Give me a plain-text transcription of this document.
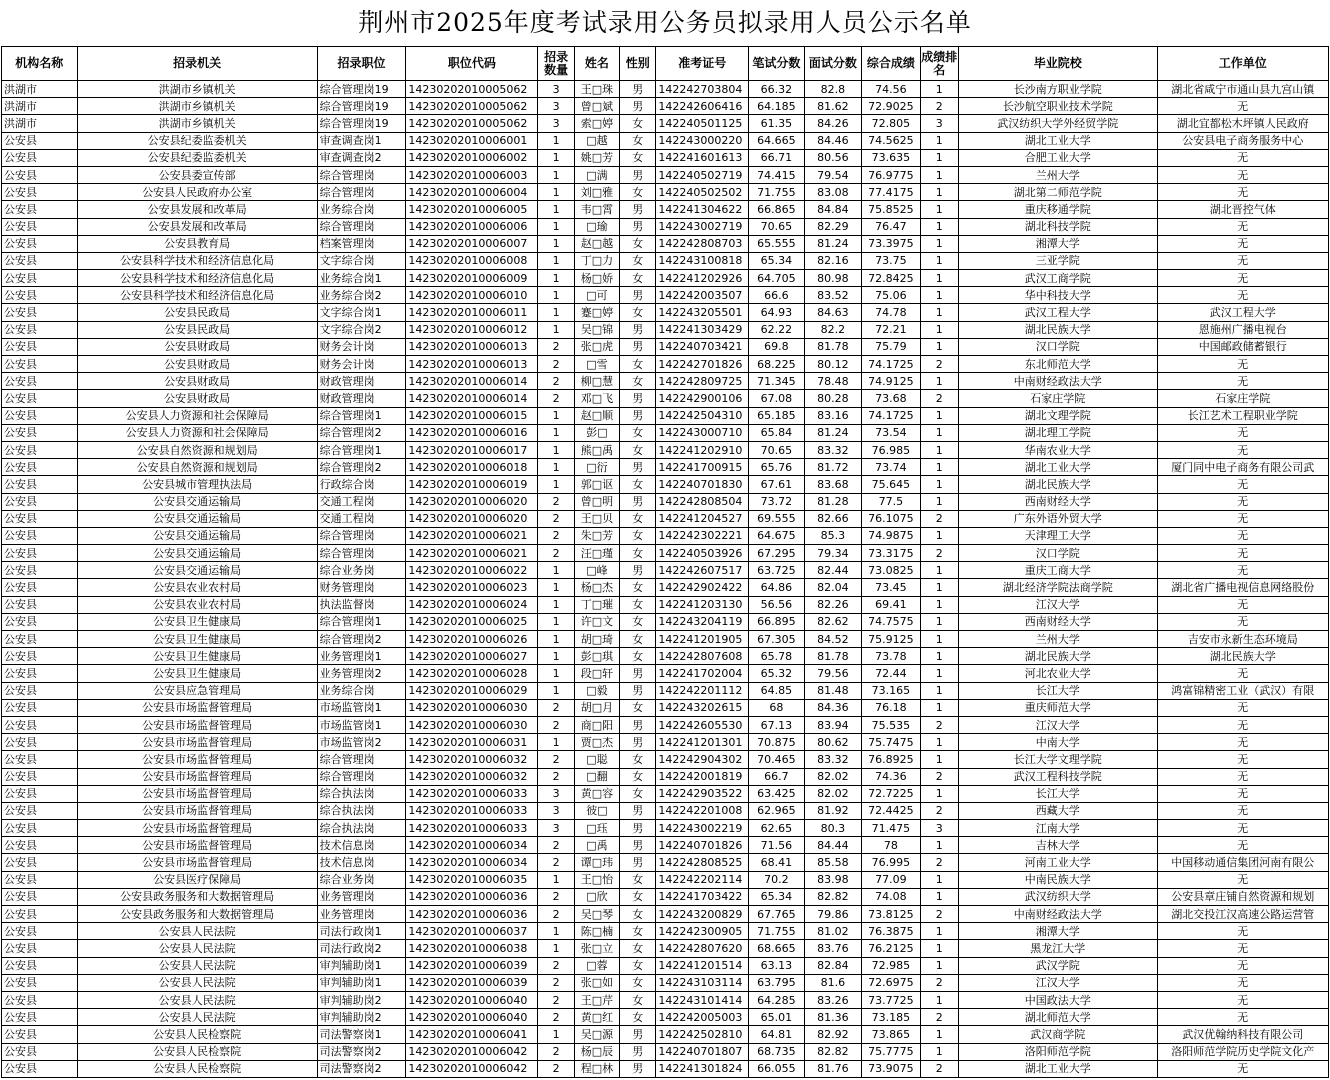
荆州市2025年度考试录用公务员拟录用人员公示名单
机构名称	招录机关	招录职位	职位代码	招录数量	姓名	性别	准考证号	笔试分数	面试分数	综合成绩	成绩排名	毕业院校	工作单位
洪湖市	洪湖市乡镇机关	综合管理岗19	14230202010005062	3	王□珠	男	142242703804	66.32	82.8	74.56	1	长沙南方职业学院	湖北省咸宁市通山县九宫山镇
洪湖市	洪湖市乡镇机关	综合管理岗19	14230202010005062	3	曾□斌	男	142242606416	64.185	81.62	72.9025	2	长沙航空职业技术学院	无
洪湖市	洪湖市乡镇机关	综合管理岗19	14230202010005062	3	索□婷	女	142240501125	61.35	84.26	72.805	3	武汉纺织大学外经贸学院	湖北宜都松木坪镇人民政府
公安县	公安县纪委监委机关	审查调查岗1	14230202010006001	1	□越	女	142243000220	64.665	84.46	74.5625	1	湖北工业大学	公安县电子商务服务中心
公安县	公安县纪委监委机关	审查调查岗2	14230202010006002	1	姚□芳	女	142241601613	66.71	80.56	73.635	1	合肥工业大学	无
公安县	公安县委宣传部	综合管理岗	14230202010006003	1	□满	男	142240502719	74.415	79.54	76.9775	1	兰州大学	无
公安县	公安县人民政府办公室	综合管理岗	14230202010006004	1	刘□雅	女	142240502502	71.755	83.08	77.4175	1	湖北第二师范学院	无
公安县	公安县发展和改革局	业务综合岗	14230202010006005	1	韦□霄	男	142241304622	66.865	84.84	75.8525	1	重庆移通学院	湖北晋控气体
公安县	公安县发展和改革局	综合管理岗	14230202010006006	1	□瑜	男	142243002719	70.65	82.29	76.47	1	湖北科技学院	无
公安县	公安县教育局	档案管理岗	14230202010006007	1	赵□越	女	142242808703	65.555	81.24	73.3975	1	湘潭大学	无
公安县	公安县科学技术和经济信息化局	文字综合岗	14230202010006008	1	丁□力	女	142243100818	65.34	82.16	73.75	1	三亚学院	无
公安县	公安县科学技术和经济信息化局	业务综合岗1	14230202010006009	1	杨□娇	女	142241202926	64.705	80.98	72.8425	1	武汉工商学院	无
公安县	公安县科学技术和经济信息化局	业务综合岗2	14230202010006010	1	□可	男	142242003507	66.6	83.52	75.06	1	华中科技大学	无
公安县	公安县民政局	文字综合岗1	14230202010006011	1	蹇□婷	女	142243205501	64.93	84.63	74.78	1	武汉工程大学	武汉工程大学
公安县	公安县民政局	文字综合岗2	14230202010006012	1	吴□锦	男	142241303429	62.22	82.2	72.21	1	湖北民族大学	恩施州广播电视台
公安县	公安县财政局	财务会计岗	14230202010006013	2	张□虎	男	142240703421	69.8	81.78	75.79	1	汉口学院	中国邮政储蓄银行
公安县	公安县财政局	财务会计岗	14230202010006013	2	□雪	女	142242701826	68.225	80.12	74.1725	2	东北师范大学	无
公安县	公安县财政局	财政管理岗	14230202010006014	2	柳□慧	女	142242809725	71.345	78.48	74.9125	1	中南财经政法大学	无
公安县	公安县财政局	财政管理岗	14230202010006014	2	邓□飞	男	142242900106	67.08	80.28	73.68	2	石家庄学院	石家庄学院
公安县	公安县人力资源和社会保障局	综合管理岗1	14230202010006015	1	赵□顺	男	142242504310	65.185	83.16	74.1725	1	湖北文理学院	长江艺术工程职业学院
公安县	公安县人力资源和社会保障局	综合管理岗2	14230202010006016	1	彭□	女	142243000710	65.84	81.24	73.54	1	湖北理工学院	无
公安县	公安县自然资源和规划局	综合管理岗1	14230202010006017	1	熊□禹	女	142241202910	70.65	83.32	76.985	1	华南农业大学	无
公安县	公安县自然资源和规划局	综合管理岗2	14230202010006018	1	□衍	男	142241700915	65.76	81.72	73.74	1	湖北工业大学	厦门同中电子商务有限公司武
公安县	公安县城市管理执法局	行政综合岗	14230202010006019	1	郭□讴	女	142240701830	67.61	83.68	75.645	1	湖北民族大学	无
公安县	公安县交通运输局	交通工程岗	14230202010006020	2	曾□明	男	142242808504	73.72	81.28	77.5	1	西南财经大学	无
公安县	公安县交通运输局	交通工程岗	14230202010006020	2	王□贝	女	142241204527	69.555	82.66	76.1075	2	广东外语外贸大学	无
公安县	公安县交通运输局	综合管理岗	14230202010006021	2	朱□芳	女	142242302221	64.675	85.3	74.9875	1	天津理工大学	无
公安县	公安县交通运输局	综合管理岗	14230202010006021	2	汪□瑾	女	142240503926	67.295	79.34	73.3175	2	汉口学院	无
公安县	公安县交通运输局	综合业务岗	14230202010006022	1	□峰	男	142242607517	63.725	82.44	73.0825	1	重庆工商大学	无
公安县	公安县农业农村局	财务管理岗	14230202010006023	1	杨□杰	女	142242902422	64.86	82.04	73.45	1	湖北经济学院法商学院	湖北省广播电视信息网络股份
公安县	公安县农业农村局	执法监督岗	14230202010006024	1	丁□璀	女	142241203130	56.56	82.26	69.41	1	江汉大学	无
公安县	公安县卫生健康局	综合管理岗1	14230202010006025	1	许□文	女	142243204119	66.895	82.62	74.7575	1	西南财经大学	无
公安县	公安县卫生健康局	综合管理岗2	14230202010006026	1	胡□琦	女	142241201905	67.305	84.52	75.9125	1	兰州大学	吉安市永新生态环境局
公安县	公安县卫生健康局	业务管理岗1	14230202010006027	1	彭□琪	女	142242807608	65.78	81.78	73.78	1	湖北民族大学	湖北民族大学
公安县	公安县卫生健康局	业务管理岗2	14230202010006028	1	段□轩	男	142241702004	65.32	79.56	72.44	1	河北农业大学	无
公安县	公安县应急管理局	业务综合岗	14230202010006029	1	□毅	男	142242201112	64.85	81.48	73.165	1	长江大学	鸿富锦精密工业（武汉）有限
公安县	公安县市场监督管理局	市场监管岗1	14230202010006030	2	胡□月	女	142243202615	68	84.36	76.18	1	重庆师范大学	无
公安县	公安县市场监督管理局	市场监管岗1	14230202010006030	2	商□阳	男	142242605530	67.13	83.94	75.535	2	江汉大学	无
公安县	公安县市场监督管理局	市场监管岗2	14230202010006031	1	贾□杰	男	142241201301	70.875	80.62	75.7475	1	中南大学	无
公安县	公安县市场监督管理局	综合管理岗	14230202010006032	2	□聪	女	142242904302	70.465	83.32	76.8925	1	长江大学文理学院	无
公安县	公安县市场监督管理局	综合管理岗	14230202010006032	2	□翻	女	142242001819	66.7	82.02	74.36	2	武汉工程科技学院	无
公安县	公安县市场监督管理局	综合执法岗	14230202010006033	3	黄□容	女	142242903522	63.425	82.02	72.7225	1	长江大学	无
公安县	公安县市场监督管理局	综合执法岗	14230202010006033	3	彼□	男	142242201008	62.965	81.92	72.4425	2	西藏大学	无
公安县	公安县市场监督管理局	综合执法岗	14230202010006033	3	□珏	男	142243002219	62.65	80.3	71.475	3	江南大学	无
公安县	公安县市场监督管理局	技术信息岗	14230202010006034	2	□禹	男	142240701826	71.56	84.44	78	1	吉林大学	无
公安县	公安县市场监督管理局	技术信息岗	14230202010006034	2	谭□玮	男	142242808525	68.41	85.58	76.995	2	河南工业大学	中国移动通信集团河南有限公
公安县	公安县医疗保障局	综合业务岗	14230202010006035	1	王□怡	女	142242202114	70.2	83.98	77.09	1	中南民族大学	无
公安县	公安县政务服务和大数据管理局	业务管理岗	14230202010006036	2	□欣	女	142241703422	65.34	82.82	74.08	1	武汉纺织大学	公安县章庄铺自然资源和规划
公安县	公安县政务服务和大数据管理局	业务管理岗	14230202010006036	2	吴□琴	女	142243200829	67.765	79.86	73.8125	2	中南财经政法大学	湖北交投江汉高速公路运营管
公安县	公安县人民法院	司法行政岗1	14230202010006037	1	陈□楠	女	142242300905	71.755	81.02	76.3875	1	湘潭大学	无
公安县	公安县人民法院	司法行政岗2	14230202010006038	1	张□立	女	142242807620	68.665	83.76	76.2125	1	黑龙江大学	无
公安县	公安县人民法院	审判辅助岗1	14230202010006039	2	□蓉	女	142241201514	63.13	82.84	72.985	1	武汉学院	无
公安县	公安县人民法院	审判辅助岗1	14230202010006039	2	张□如	女	142243103114	63.795	81.6	72.6975	2	江汉大学	无
公安县	公安县人民法院	审判辅助岗2	14230202010006040	2	王□芹	女	142243101414	64.285	83.26	73.7725	1	中国政法大学	无
公安县	公安县人民法院	审判辅助岗2	14230202010006040	2	黄□红	女	142242005003	65.01	81.36	73.185	2	湖北师范大学	无
公安县	公安县人民检察院	司法警察岗1	14230202010006041	1	吴□源	男	142242502810	64.81	82.92	73.865	1	武汉商学院	武汉优翰纳科技有限公司
公安县	公安县人民检察院	司法警察岗2	14230202010006042	2	杨□辰	男	142240701807	68.735	82.82	75.7775	1	洛阳师范学院	洛阳师范学院历史学院文化产
公安县	公安县人民检察院	司法警察岗2	14230202010006042	2	程□林	男	142241301824	66.055	81.76	73.9075	2	湖北工业大学	无
